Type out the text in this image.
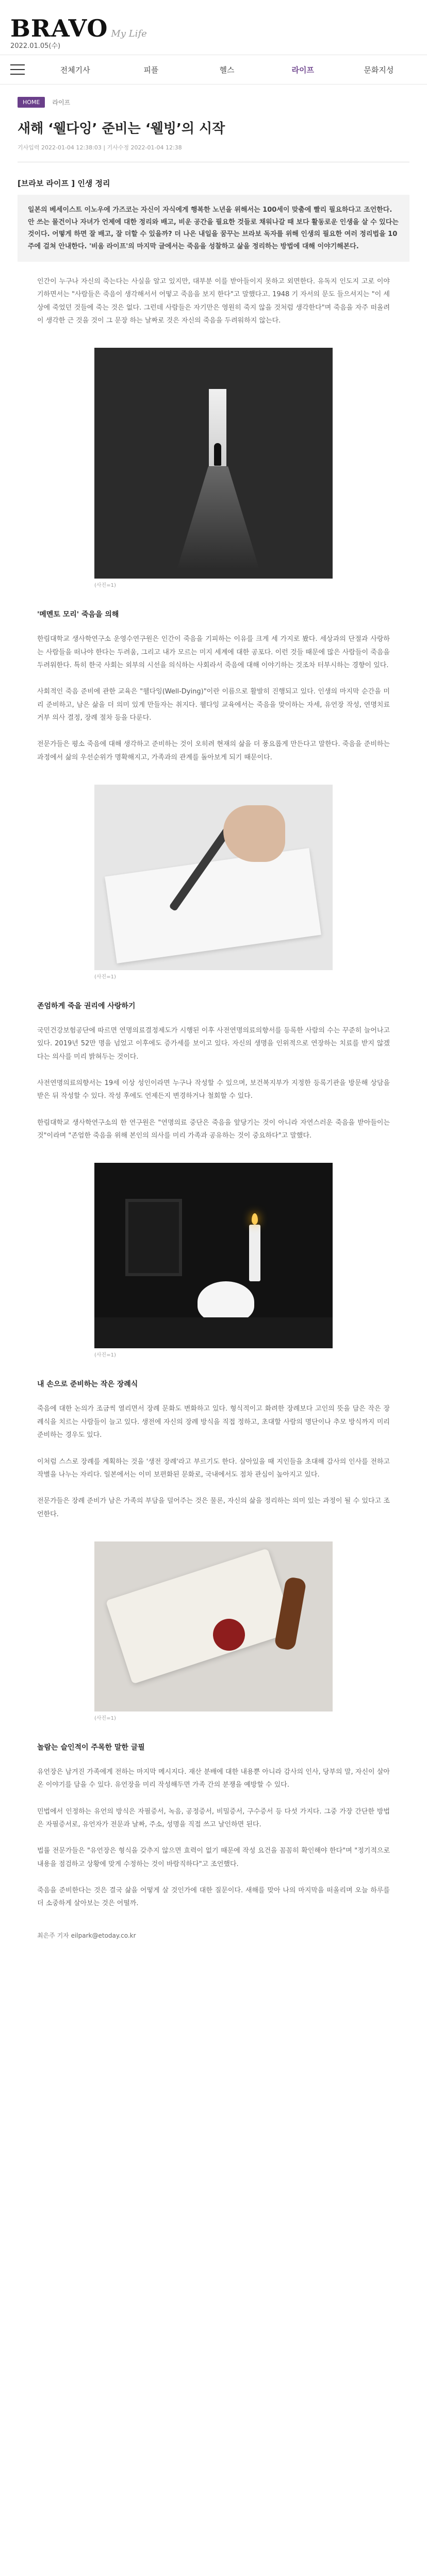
BRAVO My Life
2022.01.05(수)
전체기사	피플	헬스	라이프	문화지성
HOME	라이프
새해 ‘웰다잉’ 준비는 ‘웰빙’의 시작
기사입력 2022-01-04 12:38:03 | 기사수정 2022-01-04 12:38
[브라보 라이프 ] 인생 정리
일본의 베세이스트 이노우에 가즈코는 자신이 자식에게 행복한 노년을 위해서는 100세이 맞춤에 빨리 필요하다고 조언한다. 안 쓰는 물건이나 자녀가 언제에 대한 정리와 배고, 비운 공간을 필요한 것들로 채워나갈 때 보다 활동로운 인생을 살 수 있다는 것이다. 어떻게 하면 잘 배고, 잘 더할 수 있을까? 더 나은 내일을 꿈꾸는 브라보 독자를 위해 인생의 필요한 여러 정리법을 10주에 걸쳐 안내한다. '비움 라이프'의 마지막 글에서는 죽음을 성찰하고 삶을 정리하는 방법에 대해 이야기해본다.

인간이 누구나 자신의 죽는다는 사실을 알고 있지만, 대부분 이를 받아들이지 못하고 외면한다. 유독지 인도지 고로 이야기하면서는 "사람들은 죽음이 생각해서서 어떻고 죽음을 보지 한다"고 말했다고. 1948 기 자서의 문도 들으셔지는 "이 세상에 죽었던 것들에 죽는 것은 없다. 그런데 사람들은 자기만은 영원히 죽지 않을 것처럼 생각한다"며 죽음을 자주 떠올려 이 생각한 근 것을 것이 그 문장 하는 날짜로 것은 자신의 죽음을 두려워하지 않는다.

(사진=1)
'메멘토 모리' 죽음을 의해

한림대학교 생사학연구소 운영수연구원은 인간이 죽음을 기피하는 이유를 크게 세 가지로 봤다. 세상과의 단절과 사랑하는 사람들을 떠나야 한다는 두려움, 그리고 내가 모르는 미지 세계에 대한 공포다. 이런 것들 때문에 많은 사람들이 죽음을 두려워한다. 특히 한국 사회는 외부의 시선을 의식하는 사회라서 죽음에 대해 이야기하는 것조차 터부시하는 경향이 있다.

사회적인 죽음 준비에 관한 교육은 "웰다잉(Well-Dying)"이란 이름으로 활발히 진행되고 있다. 인생의 마지막 순간을 미리 준비하고, 남은 삶을 더 의미 있게 만들자는 취지다. 웰다잉 교육에서는 죽음을 맞이하는 자세, 유언장 작성, 연명치료 거부 의사 결정, 장례 절차 등을 다룬다.

전문가들은 평소 죽음에 대해 생각하고 준비하는 것이 오히려 현재의 삶을 더 풍요롭게 만든다고 말한다. 죽음을 준비하는 과정에서 삶의 우선순위가 명확해지고, 가족과의 관계를 돌아보게 되기 때문이다.

(사진=1)
존엄하게 죽을 권리에 사랑하기

국민건강보험공단에 따르면 연명의료결정제도가 시행된 이후 사전연명의료의향서를 등록한 사람의 수는 꾸준히 늘어나고 있다. 2019년 52만 명을 넘었고 이후에도 증가세를 보이고 있다. 자신의 생명을 인위적으로 연장하는 치료를 받지 않겠다는 의사를 미리 밝혀두는 것이다.

사전연명의료의향서는 19세 이상 성인이라면 누구나 작성할 수 있으며, 보건복지부가 지정한 등록기관을 방문해 상담을 받은 뒤 작성할 수 있다. 작성 후에도 언제든지 변경하거나 철회할 수 있다.

한림대학교 생사학연구소의 한 연구원은 "연명의료 중단은 죽음을 앞당기는 것이 아니라 자연스러운 죽음을 받아들이는 것"이라며 "존엄한 죽음을 위해 본인의 의사를 미리 가족과 공유하는 것이 중요하다"고 말했다.

(사진=1)
내 손으로 준비하는 작은 장례식

죽음에 대한 논의가 조금씩 열리면서 장례 문화도 변화하고 있다. 형식적이고 화려한 장례보다 고인의 뜻을 담은 작은 장례식을 치르는 사람들이 늘고 있다. 생전에 자신의 장례 방식을 직접 정하고, 초대할 사람의 명단이나 추모 방식까지 미리 준비하는 경우도 있다.

이처럼 스스로 장례를 계획하는 것을 '생전 장례'라고 부르기도 한다. 살아있을 때 지인들을 초대해 감사의 인사를 전하고 작별을 나누는 자리다. 일본에서는 이미 보편화된 문화로, 국내에서도 점차 관심이 높아지고 있다.

전문가들은 장례 준비가 남은 가족의 부담을 덜어주는 것은 물론, 자신의 삶을 정리하는 의미 있는 과정이 될 수 있다고 조언한다.

(사진=1)
놀람는 슬인적이 주목한 말한 글필

유언장은 남겨진 가족에게 전하는 마지막 메시지다. 재산 분배에 대한 내용뿐 아니라 감사의 인사, 당부의 말, 자신이 살아온 이야기를 담을 수 있다. 유언장을 미리 작성해두면 가족 간의 분쟁을 예방할 수 있다.

민법에서 인정하는 유언의 방식은 자필증서, 녹음, 공정증서, 비밀증서, 구수증서 등 다섯 가지다. 그중 가장 간단한 방법은 자필증서로, 유언자가 전문과 날짜, 주소, 성명을 직접 쓰고 날인하면 된다.

법률 전문가들은 "유언장은 형식을 갖추지 않으면 효력이 없기 때문에 작성 요건을 꼼꼼히 확인해야 한다"며 "정기적으로 내용을 점검하고 상황에 맞게 수정하는 것이 바람직하다"고 조언했다.

죽음을 준비한다는 것은 결국 삶을 어떻게 살 것인가에 대한 질문이다. 새해를 맞아 나의 마지막을 떠올리며 오늘 하루를 더 소중하게 살아보는 것은 어떨까.

최은주 기자 eilpark@etoday.co.kr
